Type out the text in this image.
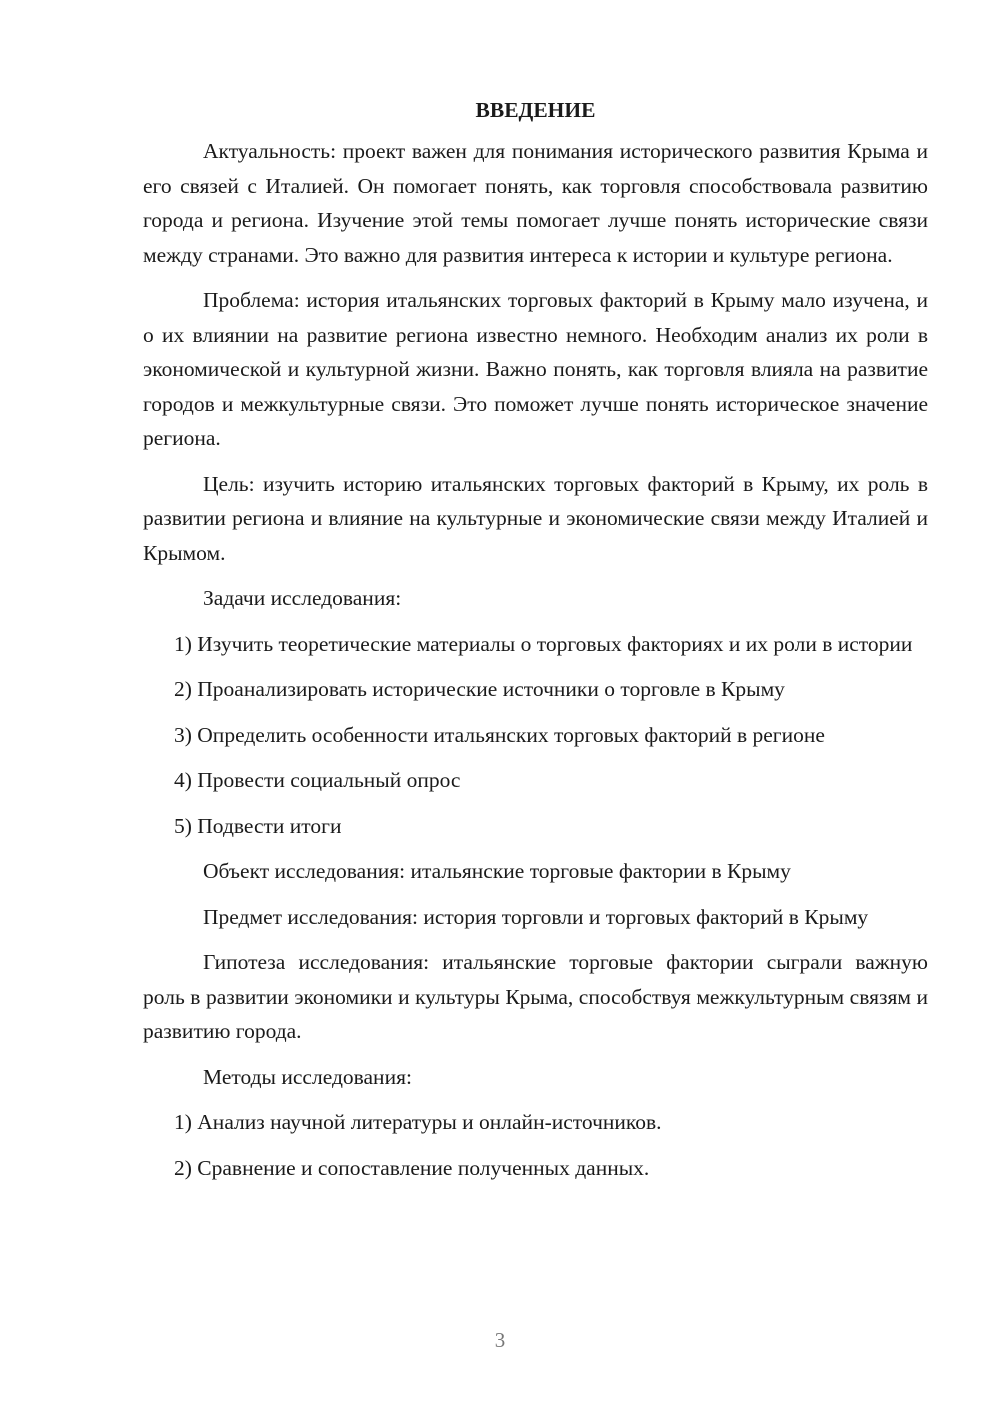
ВВЕДЕНИЕ

Актуальность: проект важен для понимания исторического развития Крыма и его связей с Италией. Он помогает понять, как торговля способствовала развитию города и региона. Изучение этой темы помогает лучше понять исторические связи между странами. Это важно для развития интереса к истории и культуре региона.

Проблема: история итальянских торговых факторий в Крыму мало изучена, и о их влиянии на развитие региона известно немного. Необходим анализ их роли в экономической и культурной жизни. Важно понять, как торговля влияла на развитие городов и межкультурные связи. Это поможет лучше понять историческое значение региона.

Цель: изучить историю итальянских торговых факторий в Крыму, их роль в развитии региона и влияние на культурные и экономические связи между Италией и Крымом.

Задачи исследования:

1) Изучить теоретические материалы о торговых факториях и их роли в истории

2) Проанализировать исторические источники о торговле в Крыму

3) Определить особенности итальянских торговых факторий в регионе

4) Провести социальный опрос

5) Подвести итоги

Объект исследования: итальянские торговые фактории в Крыму

Предмет исследования: история торговли и торговых факторий в Крыму

Гипотеза исследования: итальянские торговые фактории сыграли важную роль в развитии экономики и культуры Крыма, способствуя межкультурным связям и развитию города.

Методы исследования:

1) Анализ научной литературы и онлайн-источников.

2) Сравнение и сопоставление полученных данных.

3
